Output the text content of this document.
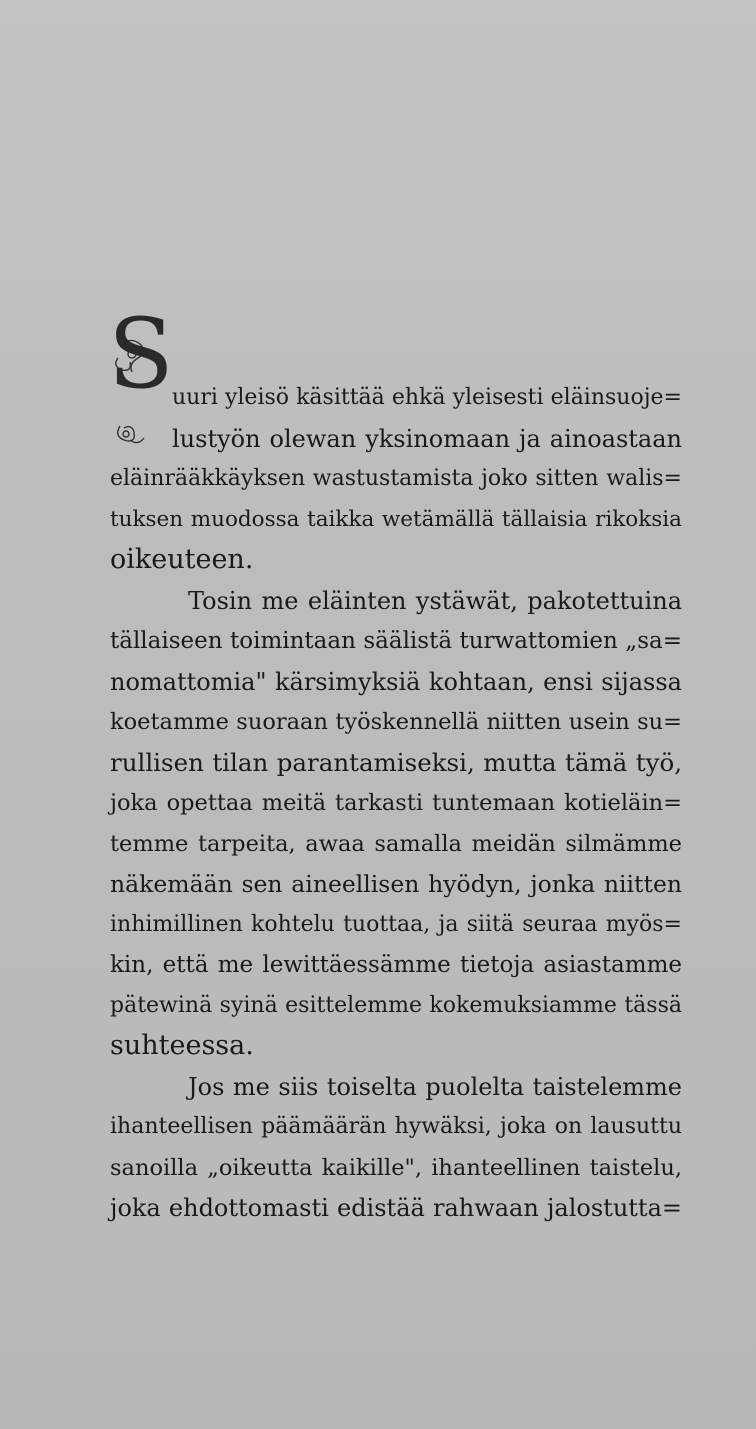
S
uuri yleisö käsittää ehkä yleisesti eläinsuoje=
lustyön olewan yksinomaan ja ainoastaan
eläinrääkkäyksen wastustamista joko sitten walis=
tuksen muodossa taikka wetämällä tällaisia rikoksia
oikeuteen.
Tosin me eläinten ystäwät, pakotettuina
tällaiseen toimintaan säälistä turwattomien „sa=
nomattomia" kärsimyksiä kohtaan, ensi sijassa
koetamme suoraan työskennellä niitten usein su=
rullisen tilan parantamiseksi, mutta tämä työ,
joka opettaa meitä tarkasti tuntemaan kotieläin=
temme tarpeita, awaa samalla meidän silmämme
näkemään sen aineellisen hyödyn, jonka niitten
inhimillinen kohtelu tuottaa, ja siitä seuraa myös=
kin, että me lewittäessämme tietoja asiastamme
pätewinä syinä esittelemme kokemuksiamme tässä
suhteessa.
Jos me siis toiselta puolelta taistelemme
ihanteellisen päämäärän hywäksi, joka on lausuttu
sanoilla „oikeutta kaikille", ihanteellinen taistelu,
joka ehdottomasti edistää rahwaan jalostutta=
